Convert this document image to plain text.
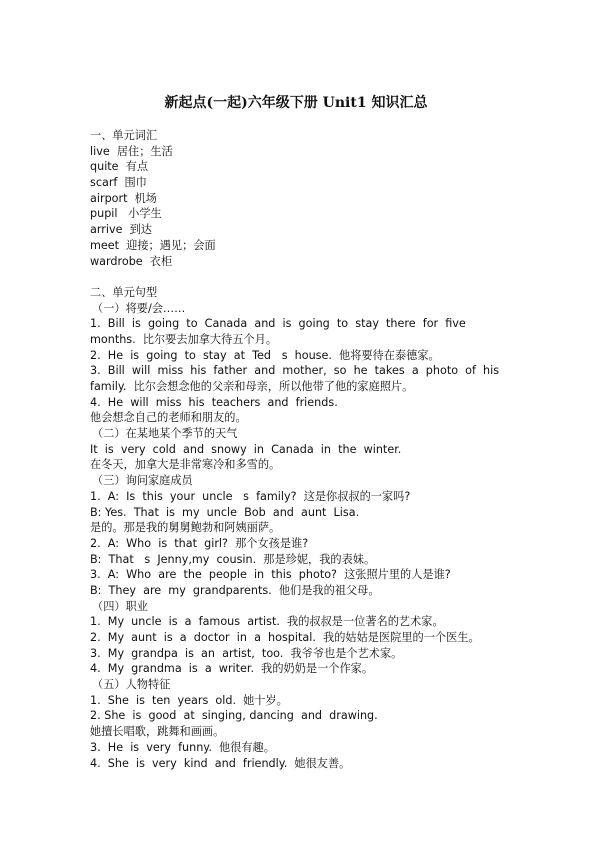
新起点(一起)六年级下册 Unit1 知识汇总
一、单元词汇
live  居住；生活
quite  有点
scarf  围巾
airport  机场
pupil   小学生
arrive  到达
meet  迎接；遇见；会面
wardrobe  衣柜
二、单元句型
（一）将要/会……
1.  Bill  is  going  to  Canada  and  is  going  to  stay  there  for  five
months.  比尔要去加拿大待五个月。
2.  He  is  going  to  stay  at  Ted   s  house.  他将要待在泰德家。
3.  Bill  will  miss  his  father  and  mother,  so  he  takes  a  photo  of  his
family.  比尔会想念他的父亲和母亲，所以他带了他的家庭照片。
4.  He  will  miss  his  teachers  and  friends.
他会想念自己的老师和朋友的。
（二）在某地某个季节的天气
It  is  very  cold  and  snowy  in  Canada  in  the  winter.
在冬天，加拿大是非常寒冷和多雪的。
（三）询问家庭成员
1.  A:  Is  this  your  uncle   s  family?  这是你叔叔的一家吗?
B: Yes.  That  is  my  uncle  Bob  and  aunt  Lisa.
是的。那是我的舅舅鲍勃和阿姨丽萨。
2.  A:  Who  is  that  girl?  那个女孩是谁?
B:  That   s  Jenny,my  cousin.  那是珍妮，我的表妹。
3.  A:  Who  are  the  people  in  this  photo?  这张照片里的人是谁?
B:  They  are  my  grandparents.  他们是我的祖父母。
（四）职业
1.  My  uncle  is  a  famous  artist.  我的叔叔是一位著名的艺术家。
2.  My  aunt  is  a  doctor  in  a  hospital.  我的姑姑是医院里的一个医生。
3.  My  grandpa  is  an  artist,  too.  我爷爷也是个艺术家。
4.  My  grandma  is  a  writer.  我的奶奶是一个作家。
（五）人物特征
1.  She  is  ten  years  old.  她十岁。
2. She  is  good  at  singing, dancing  and  drawing.
她擅长唱歌，跳舞和画画。
3.  He  is  very  funny.  他很有趣。
4.  She  is  very  kind  and  friendly.  她很友善。
